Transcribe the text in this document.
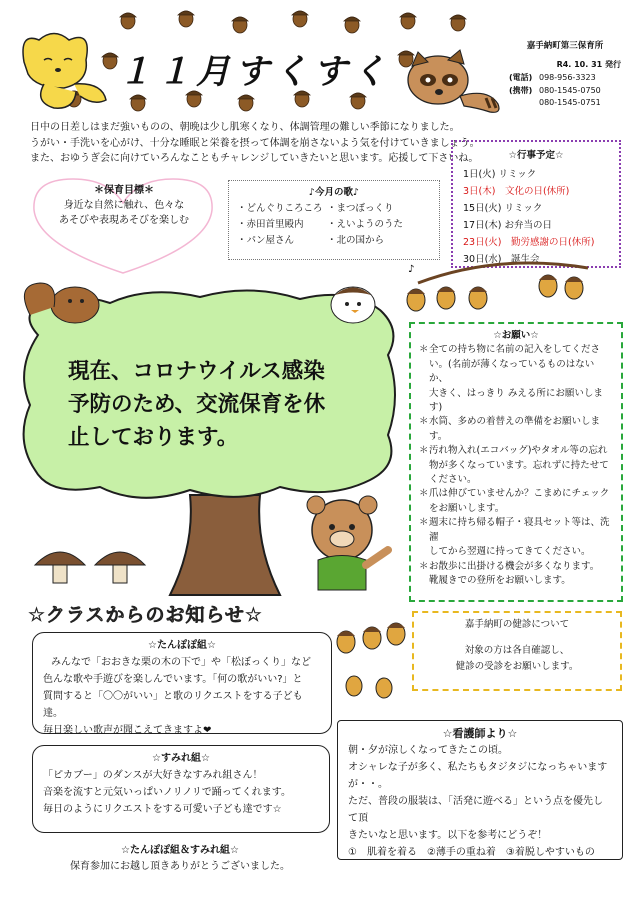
１１月すくすく
嘉手納町第三保育所
R4. 10. 31 発行
(電話) 098-956-3323
(携帯) 080-1545-0750
080-1545-0751

日中の日差しはまだ強いものの、朝晩は少し肌寒くなり、体調管理の難しい季節になりました。

うがい・手洗いを心がけ、十分な睡眠と栄養を摂って体調を崩さないよう気を付けていきましょう。

また、おゆうぎ会に向けていろんなこともチャレンジしていきたいと思います。応援して下さいね。

＊保育目標＊
身近な自然に触れ、色々な
あそびや表現あそびを楽しむ
♪今月の歌♪
・どんぐりころころ ・まつぼっくり
・赤田首里殿内	・えいようのうた
・パン屋さん	・北の国から
☆行事予定☆
1日(火) リミック
3日(木)　文化の日(休所)
15日(火) リミック
17日(木) お弁当の日
23日(火)　勤労感謝の日(休所)
30日(水)　誕生会
♪
現在、コロナウイルス感染
予防のため、交流保育を休
止しております。
☆お願い☆
＊ 全ての持ち物に名前の記入をしてくださ
い。(名前が薄くなっているものはないか、
大きく、はっきり みえる所にお願いします)
＊ 水筒、多めの着替えの準備をお願いしま
す。
＊ 汚れ物入れ(エコバッグ)やタオル等の忘れ
物が多くなっています。忘れずに持たせて
ください。
＊ 爪は伸びていませんか？こまめにチェック
をお願いします。
＊ 週末に持ち帰る帽子・寝具セット等は、洗濯
してから翌週に持ってきてください。
＊ お散歩に出掛ける機会が多くなります。
靴履きでの登所をお願いします。
☆クラスからのお知らせ☆
☆たんぽぽ組☆
みんなで「おおきな栗の木の下で」や「松ぼっくり」など
色んな歌や手遊びを楽しんでいます。「何の歌がいい?」と
質問すると「〇〇がいい」と歌のリクエストをする子ども達。
毎日楽しい歌声が聞こえてきますよ❤
嘉手納町の健診について
対象の方は各自確認し、
健診の受診をお願いします。
☆すみれ組☆
「ピカブー」のダンスが大好きなすみれ組さん！
音楽を流すと元気いっぱいノリノリで踊ってくれます。
毎日のようにリクエストをする可愛い子ども達です☆
☆看護師より☆
朝・夕が涼しくなってきたこの頃。
オシャレな子が多く、私たちもタジタジになっちゃいます
が・・。
ただ、普段の服装は、「活発に遊べる」という点を優先して頂
きたいなと思います。以下を参考にどうぞ！
①　肌着を着る　②薄手の重ね着　③着脱しやすいもの
☆たんぽぽ組＆すみれ組☆
保育参加にお越し頂きありがとうございました。
